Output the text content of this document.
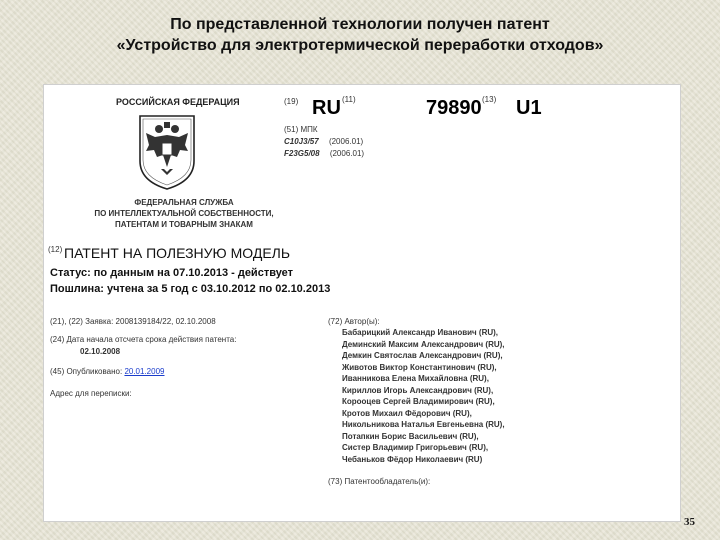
По представленной технологии получен патент
«Устройство для электротермической переработки отходов»
РОССИЙСКАЯ ФЕДЕРАЦИЯ	(19) RU (11)	79890 (13) U1
(51) МПК
C10J3/57 (2006.01)
F23G5/08 (2006.01)
ФЕДЕРАЛЬНАЯ СЛУЖБА
ПО ИНТЕЛЛЕКТУАЛЬНОЙ СОБСТВЕННОСТИ,
ПАТЕНТАМ И ТОВАРНЫМ ЗНАКАМ
(12) ПАТЕНТ НА ПОЛЕЗНУЮ МОДЕЛЬ
Статус: по данным на 07.10.2013 - действует
Пошлина: учтена за 5 год с 03.10.2012 по 02.10.2013
(21), (22) Заявка: 2008139184/22, 02.10.2008
(24) Дата начала отсчета срока действия патента:
02.10.2008
(45) Опубликовано: 20.01.2009
Адрес для переписки:
(72) Автор(ы):
Бабарицкий Александр Иванович (RU),
Деминский Максим Александрович (RU),
Демкин Святослав Александрович (RU),
Животов Виктор Константинович (RU),
Иванникова Елена Михайловна (RU),
Кириллов Игорь Александрович (RU),
Корооцев Сергей Владимирович (RU),
Кротов Михаил Фёдорович (RU),
Никольникова Наталья Евгеньевна (RU),
Потапкин Борис Васильевич (RU),
Систер Владимир Григорьевич (RU),
Чебаньков Фёдор Николаевич (RU)
(73) Патентообладатель(и):
35
